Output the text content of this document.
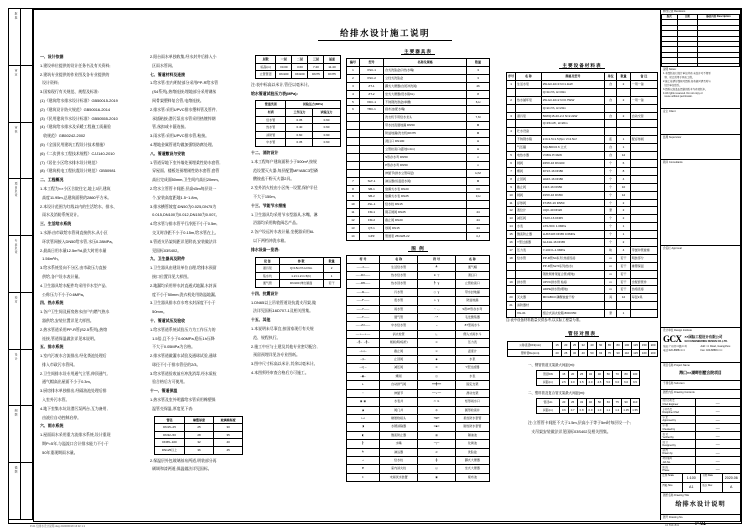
批准
审定
审核
项目负责
专业负责
校对
设计
制图
描图
给排水设计施工说明
一、设计依据
1.建设单位提供的设计任务书及有关资料;
2.建筑专业提供的作业图及各专业提供的
设计资料;
3.国家现行有关规范、规程及标准:
(1)《建筑给水排水设计标准》GB50015-2019
(2)《建筑设计防火规范》GB50016-2014
(3)《民用建筑节水设计标准》GB50555-2010
(4)《建筑给水排水及采暖工程施工质量验
收规范》GB50242-2002
(5)《全国民用建筑工程设计技术措施》
(6)《二次供水工程技术规程》CJJ140-2010
(7)《居住小区给水排水设计规范》
(8)《建筑机电工程抗震设计规范》GB50981
二、工程概况
1.本工程为××小区合院住宅,地上3层,建筑
高度11.95m,总建筑面积约2860平方米。
2.本设计范围为红线以内的生活给水、排水、
雨水及消防系统设计。
三、生活给水系统
1.水源:由市政给水管网直接供水,从小区
环状管网接入DN50给水管,水压0.28MPa。
2.最高日用水量12.5m³/d,最大时用水量
1.56m³/h。
3.给水系统竖向不分区,由市政压力直接
供给,各户设水表计量。
4.卫生器具给水配件均采用节水型产品,
公称压力不小于0.6MPa。
四、热水系统
1.各户卫生间及厨房热水由户内燃气热水
器供给,安装位置详见大样图。
2.热水管道采用PP-R管(S2.5系列),热熔
连接,管道保温做法详见本说明。
五、排水系统
1.室内污废水合流排出,经化粪池处理后
排入市政污水管网。
2.卫生间排水设专用通气立管,伸顶通气,
通气帽高出屋面不小于0.3m。
3.厨房排水单独排出,经隔油池处理后排
入室外污水管。
4.地下室集水坑设潜污泵两台,互为备用,
由液位自动控制启停。
六、雨水系统
1.屋面雨水采用重力流排水系统,设计重现
期P=5年,与溢流口合计排水能力不小于
50年重现期雨水量。
2.阳台雨水单独收集,经水封井后排入小
区雨水管网。
七、管道材料及连接
1.给水管:室内明装部分采用PP-R给水管
(S4系列),热熔连接;埋地部分采用钢丝
网骨架塑料复合管,电熔连接。
2.排水管:采用UPVC排水塑料管及管件,
承插粘接;潜污泵出水管采用热镀锌钢
管,丝扣或卡箍连接。
3.雨水管:采用UPVC排水管,粘接。
4.埋地金属管道均做加强级防腐处理。
八、管道敷设与安装
1.管道穿地下室外墙处预埋柔性防水套管,
穿屋面、楼板处预埋刚性防水套管,套管
高出完成面50mm,卫生间内高出20mm。
2.给水立管管卡间距:层高≤5m每层设一
个,安装高度距地1.5~1.8m。
3.排水横管坡度:DN50为0.025,DN75为
0.015,DN100为0.012,DN150为0.007。
4.给水管与排水管平行净距不小于0.5m,
交叉时净距不小于0.15m,给水管在上。
5.管道支吊架间距详见附表,安装做法详
见国标03S402。
九、卫生器具及附件
1.卫生器具由建设单位自理,给排水预留
接口位置详见大样图。
2.地漏均采用带水封直通式地漏,水封深
度不小于50mm;洗衣机处用防溢地漏。
3.卫生器具排水存水弯水封深度不小于
50mm。
十、管道试压及验收
1.给水管道系统试验压力为工作压力的
1.5倍,且不小于0.60MPa,稳压1h压降
不大于0.05MPa为合格。
2.排水管道做灌水试验及通球试验,通球
球径不小于排水管径的2/3。
3.给水管道验收前应冲洗消毒,经水质检
验合格后方可使用。
十一、管道保温
1.热水管及室外明露给水管采用橡塑保
温管壳保温,厚度见下表:
管径	橡塑厚度	玻璃棉厚度
DN15~25	25	30
DN32~50	28	35
DN65~100	32	40
DN125以上	36	45
2.保温层外包玻璃丝布两道,明装部分再
刷调和漆两道;保温做法详见国标。
层数	一层	二层	三层	屋面
标高(m)	±0.00	3.60	7.20	11.40
立管管径	DN100	DN100	DN75	DN75
注:表中标高以米计,管径以毫米计。
给水管道试验压力表(MPa):
管道类别	试验压力(MPa)	
材质	工作压力	试验压力
给水管	0.35	0.60
热水管	0.40	0.60
消防管	0.60	0.90
中水管	0.35	0.60
十二、消防设计
1.本工程每户建筑面积小于500m²,按规
范设置灭火器,每层配置MF/ABC3型磷
酸铵盐干粉灭火器2具。
2.室外消火栓由小区统一设置,保护半径
不大于150m。
十三、节能节水措施
1.卫生器具均采用节水型器具,水嘴、淋
浴器均采用陶瓷阀芯产品。
2.各户设远传水表计量,坐便器采用6L
以下两档冲洗水箱。
排水设备一览表:
设 备	参 数	数量
潜污泵	Q=15m³/h H=9m	2
集水坑	1.2×1.2×1.5(h)	1
通气管	DN100 伸出屋面	若干
十四、抗震设计
1.DN65以上吊装管道设抗震支吊架,做
法详见国标16D707-1及相关图集。
十五、其他
1.本说明未尽事宜,按国家现行有关规
范、规程执行。
2.施工中应与土建及其他专业密切配合,
预留预埋详见各专业图纸。
3.图中尺寸标高以米计,其余以毫米计。
4.本图须经审查合格后方可施工。
主要器具表
编号	型号	名称及规格	数量
1	XSC-1	台式洗脸盆(冷热水嘴)	3
2	XSC-2	立柱式洗脸盆	3
3	ZT-1	蹲式大便器(自闭冲洗阀)	46
4	ZT-2	坐式大便器(低水箱6L)	8
5	XDC-1	不锈钢洗涤盆(单槽)	6,H
6	TBC-1	拖布池(配水嘴)	
		洗衣机专用给水龙头	7,M
		带水封直通地漏 DN50	M
		防溢地漏(洗衣机)DN75	M
		清扫口 DN100	H
		立管检查口(距地1.0m)	H
		S形存水弯 DN50	n
		P形存水弯 DN50	n
		伸缩节(排水立管每层)	H,M
7	SLT-1	淋浴器(恒温混水阀)	M
8	SB-1	旋翼式水表 DN20	VV
9	SB-2	旋翼式水表 DN25	3,H
10	JSL-1	给水栓 DN15	
11	FM-1	铜芯闸阀 DN25	44
12	FM-2	截止阀 DN20	44
13	QT-1	球阀 DN15	44
14	GPZ	管道泵 25GW8-22	4,J
图 例
符 号	名 称	符 号	名 称
———J———	生活给水管	┻	通气帽
———RJ———	热水给水管	⊕ ┬	清扫口
———RH———	热水回水管	┡ ┰	立管检查口
———W———	污水管	▢ ┰	带水封地漏
———F———	废水管	◇ ┰	防溢地漏
———Y———	雨水管	◠ ◡	S形/P形存水弯
———T———	通气管	⌒*	毛发聚集器
———ZJ———	中水给水管	⟓	87型雨水斗
——•——•——	消火栓管	◺	侧入式雨水斗
—╫— —╫—	闸阀(明/暗杆)	⊙	压力表
—▷◁—	截止阀	⊖	温度计
—◔—	止回阀	◉	水泵
—◁|—	减压阀	⊘	Y型过滤器
—▣—	蝶阀	◫	水表
⊥	自动排气阀	━━╋━━	固定支架
◠	伸缩节	──•──	滑动支架
▣ ▣	水表井	▭ b	矩形雨水口
◪	阀门井	◎	圆形检查井
▻◅	橡胶软接头	━▬━	柔性防水套管
◨	水锤消除器	═◆═	刚性防水套管
◧	倒流防止器	▥	隔油池
┠	水嘴	─┬─	化粪池
┷	淋浴器	⌀	洗脸盆
→	给水栓	╬	蹲式大便器
▼	室内消火栓	◱	坐式大便器
⊳	末端试水装置	▣	拖布池
主要设备材料表
序号	名 称	规格及型号	单位	数量	备 注
1	生活水泵	25LG3-10×3 N=1.1kW	台	2	一用一备
		Q=3m³/h, H=30m			
2	热水循环泵	25LG3-10×2 N=0.75kW	台	2	一用一备
		Q=2m³/h, H=20m			
3	潜污泵	50WQ15-20-2.2 N=2.2kW	台	2	自动交替
		Q=15m³/h, H=20m			
4	贮水设备				
	不锈钢水箱	2.0×1.5×1.5(h)m V=4.5m³	座	1	配浮球阀
	气压罐	SQL800×0.6 立式	台	1	
5	电热水器	V=80L P=3kW	台	12	
6	闸阀	Z45X-16 DN100	个	6	
7	蝶阀	D71X-16 DN80	个	8	
8	止回阀	H44X-16 DN80	个	4	
9	截止阀	J11X-16 DN50	个	10	
10	闸阀	Z15X-16 DN50	个	12	
11	浮球阀	F745X-16 DN50	个	2	
12	液位计	UQK-40 DN20	套	2	
13	减压阀	Y42X-16 DN65	个	2	
14	水表	LXS-50C 1.0MPa	个	1	
15	倒流防止器	LHS743X DN65 0.6MPa	个	1	
16	Y型过滤器	GL41H-16 DN65	个	2	
17	压力表	Y-100 0~1.6MPa	块	4	带缓冲管旋塞
18	给水管	PP-R管S4系列 热熔连接	m	若干	明装部分
		PP-R管S2.5系列(热水)	m	若干	橡塑保温
		钢丝网骨架复合管(埋地)	m	若干	
19	排水管	UPVC排水管 粘接	m	若干	含配套管件
		HDPE排水管(埋地)	m	若干	热熔连接
20	灭火器	MF/ABC3 磷酸铵盐干粉	具	12	每层2具
21	消防器材				
	XG-01	组合式消火栓箱 800×650	套	1	
注:表中设备材料数量仅供参考,以实际工程量为准。
管径对照表
公称直径DN(mm)	15	20	25	32	40	50	65	80	100	125	150	200
塑料管De(mm)	20	25	32	40	50	63	75	90	110	125	160	200
一、钢管管道支架最大间距(m):
管径DN	15	20	25	32	40	50	70	80	100
间距(m)	2.5	3.0	3.5	4.0	4.5	5.0	6.0	6.0	6.5
二、塑料管及复合管支架最大间距(m):
管径dn	20	25	32	40	50	63	75	90	110
间距(m)	0.6	0.7	0.8	0.9	1.0	1.1	1.2	1.35	1.55
注:立管管卡间距不大于1.5m,层高小于等于5m时每层设一个;
支吊架安装做法详见国标03S402及相关图集。
修改记录 Revisions
版次	日期	修改内容 Description

说明 Notes:
1.本图版权归设计单位所有,未经许可不得复
制、转让或用于其他工程。
2.施工前请仔细核对图纸,如有疑问请及时与
设计单位联系。
3.图纸以加盖出图章的版本为有效版本。
4.All rights reserved. Do not copy or
reuse without permission.
业主 Client
监理 Supervisor
顾问 Consultants
会签栏 Approval
设计单位 Design Institute
GCX ××国际工程设计有限公司
GCX ENGINEERING DESIGN CO.,LTD.
地址:广州市××路××号
电话:020-8888××××
Add: ×× Road, Guangzhou
Fax: 020-8888××××
项目名称 Project Name
海口××湖畔别墅合院项目
子项名称 Sub-item
图纸内容 Drawing Contents
设计总负责
Chief Engineer	—
专业负责
Discipline Chief	—
审 定
Approved by	—
审 核
Checked by	—
校 对
Verified by	—
设 计
Designed by	—
制 图
Drawn by	—
项目编号
Job No.	—
阶 段
Phase	—
比例 Scale	1:100	日期 Date	2020.06
图幅 Size	A1	版次 Rev.	A
图纸名称 Drawing Title
给排水设计说明
图号 Drawing No.
P-01
P-01 给排水设计说明.dwg 2020/06/18 16:32 1:1	A1 594×841
